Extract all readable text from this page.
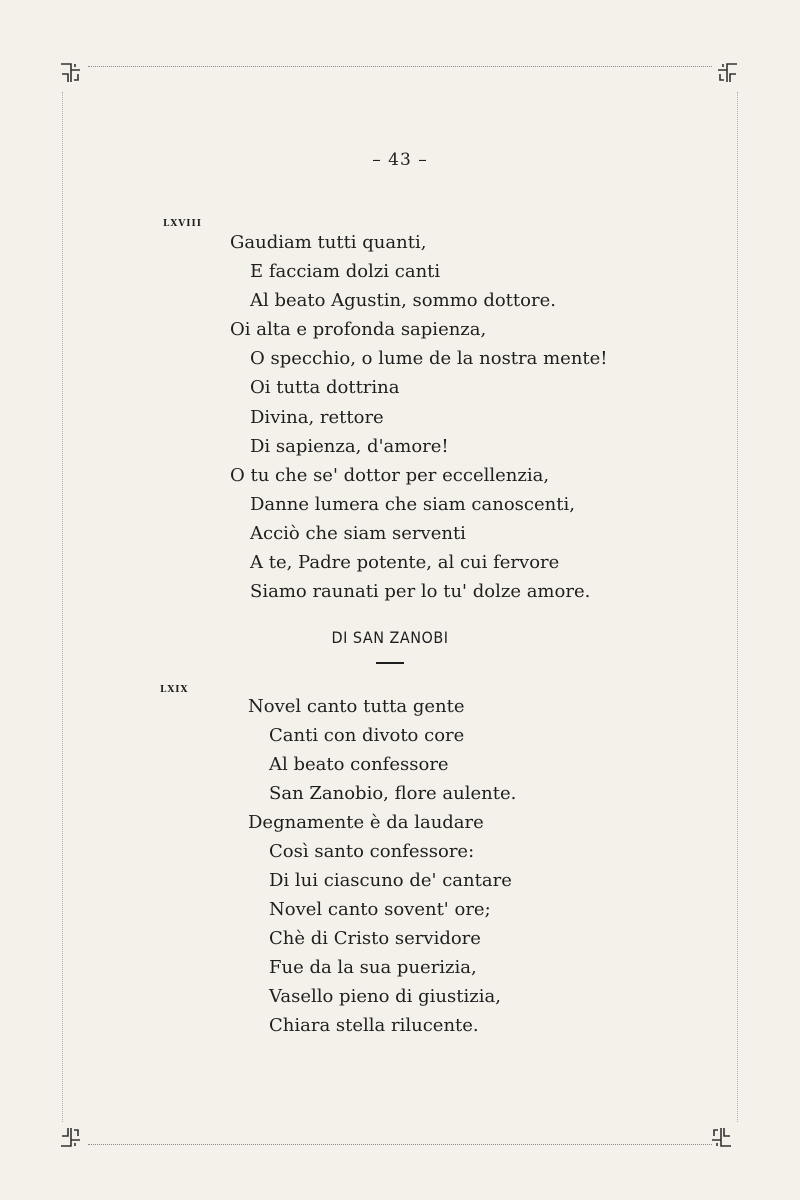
– 43 –
LXVIII
Gaudiam tutti quanti,
E facciam dolzi canti
Al beato Agustin, sommo dottore.
Oi alta e profonda sapienza,
O specchio, o lume de la nostra mente!
Oi tutta dottrina
Divina, rettore
Di sapienza, d'amore!
O tu che se' dottor per eccellenzia,
Danne lumera che siam canoscenti,
Acciò che siam serventi
A te, Padre potente, al cui fervore
Siamo raunati per lo tu' dolze amore.
DI SAN ZANOBI
LXIX
Novel canto tutta gente
Canti con divoto core
Al beato confessore
San Zanobio, flore aulente.
Degnamente è da laudare
Così santo confessore:
Di lui ciascuno de' cantare
Novel canto sovent' ore;
Chè di Cristo servidore
Fue da la sua puerizia,
Vasello pieno di giustizia,
Chiara stella rilucente.
